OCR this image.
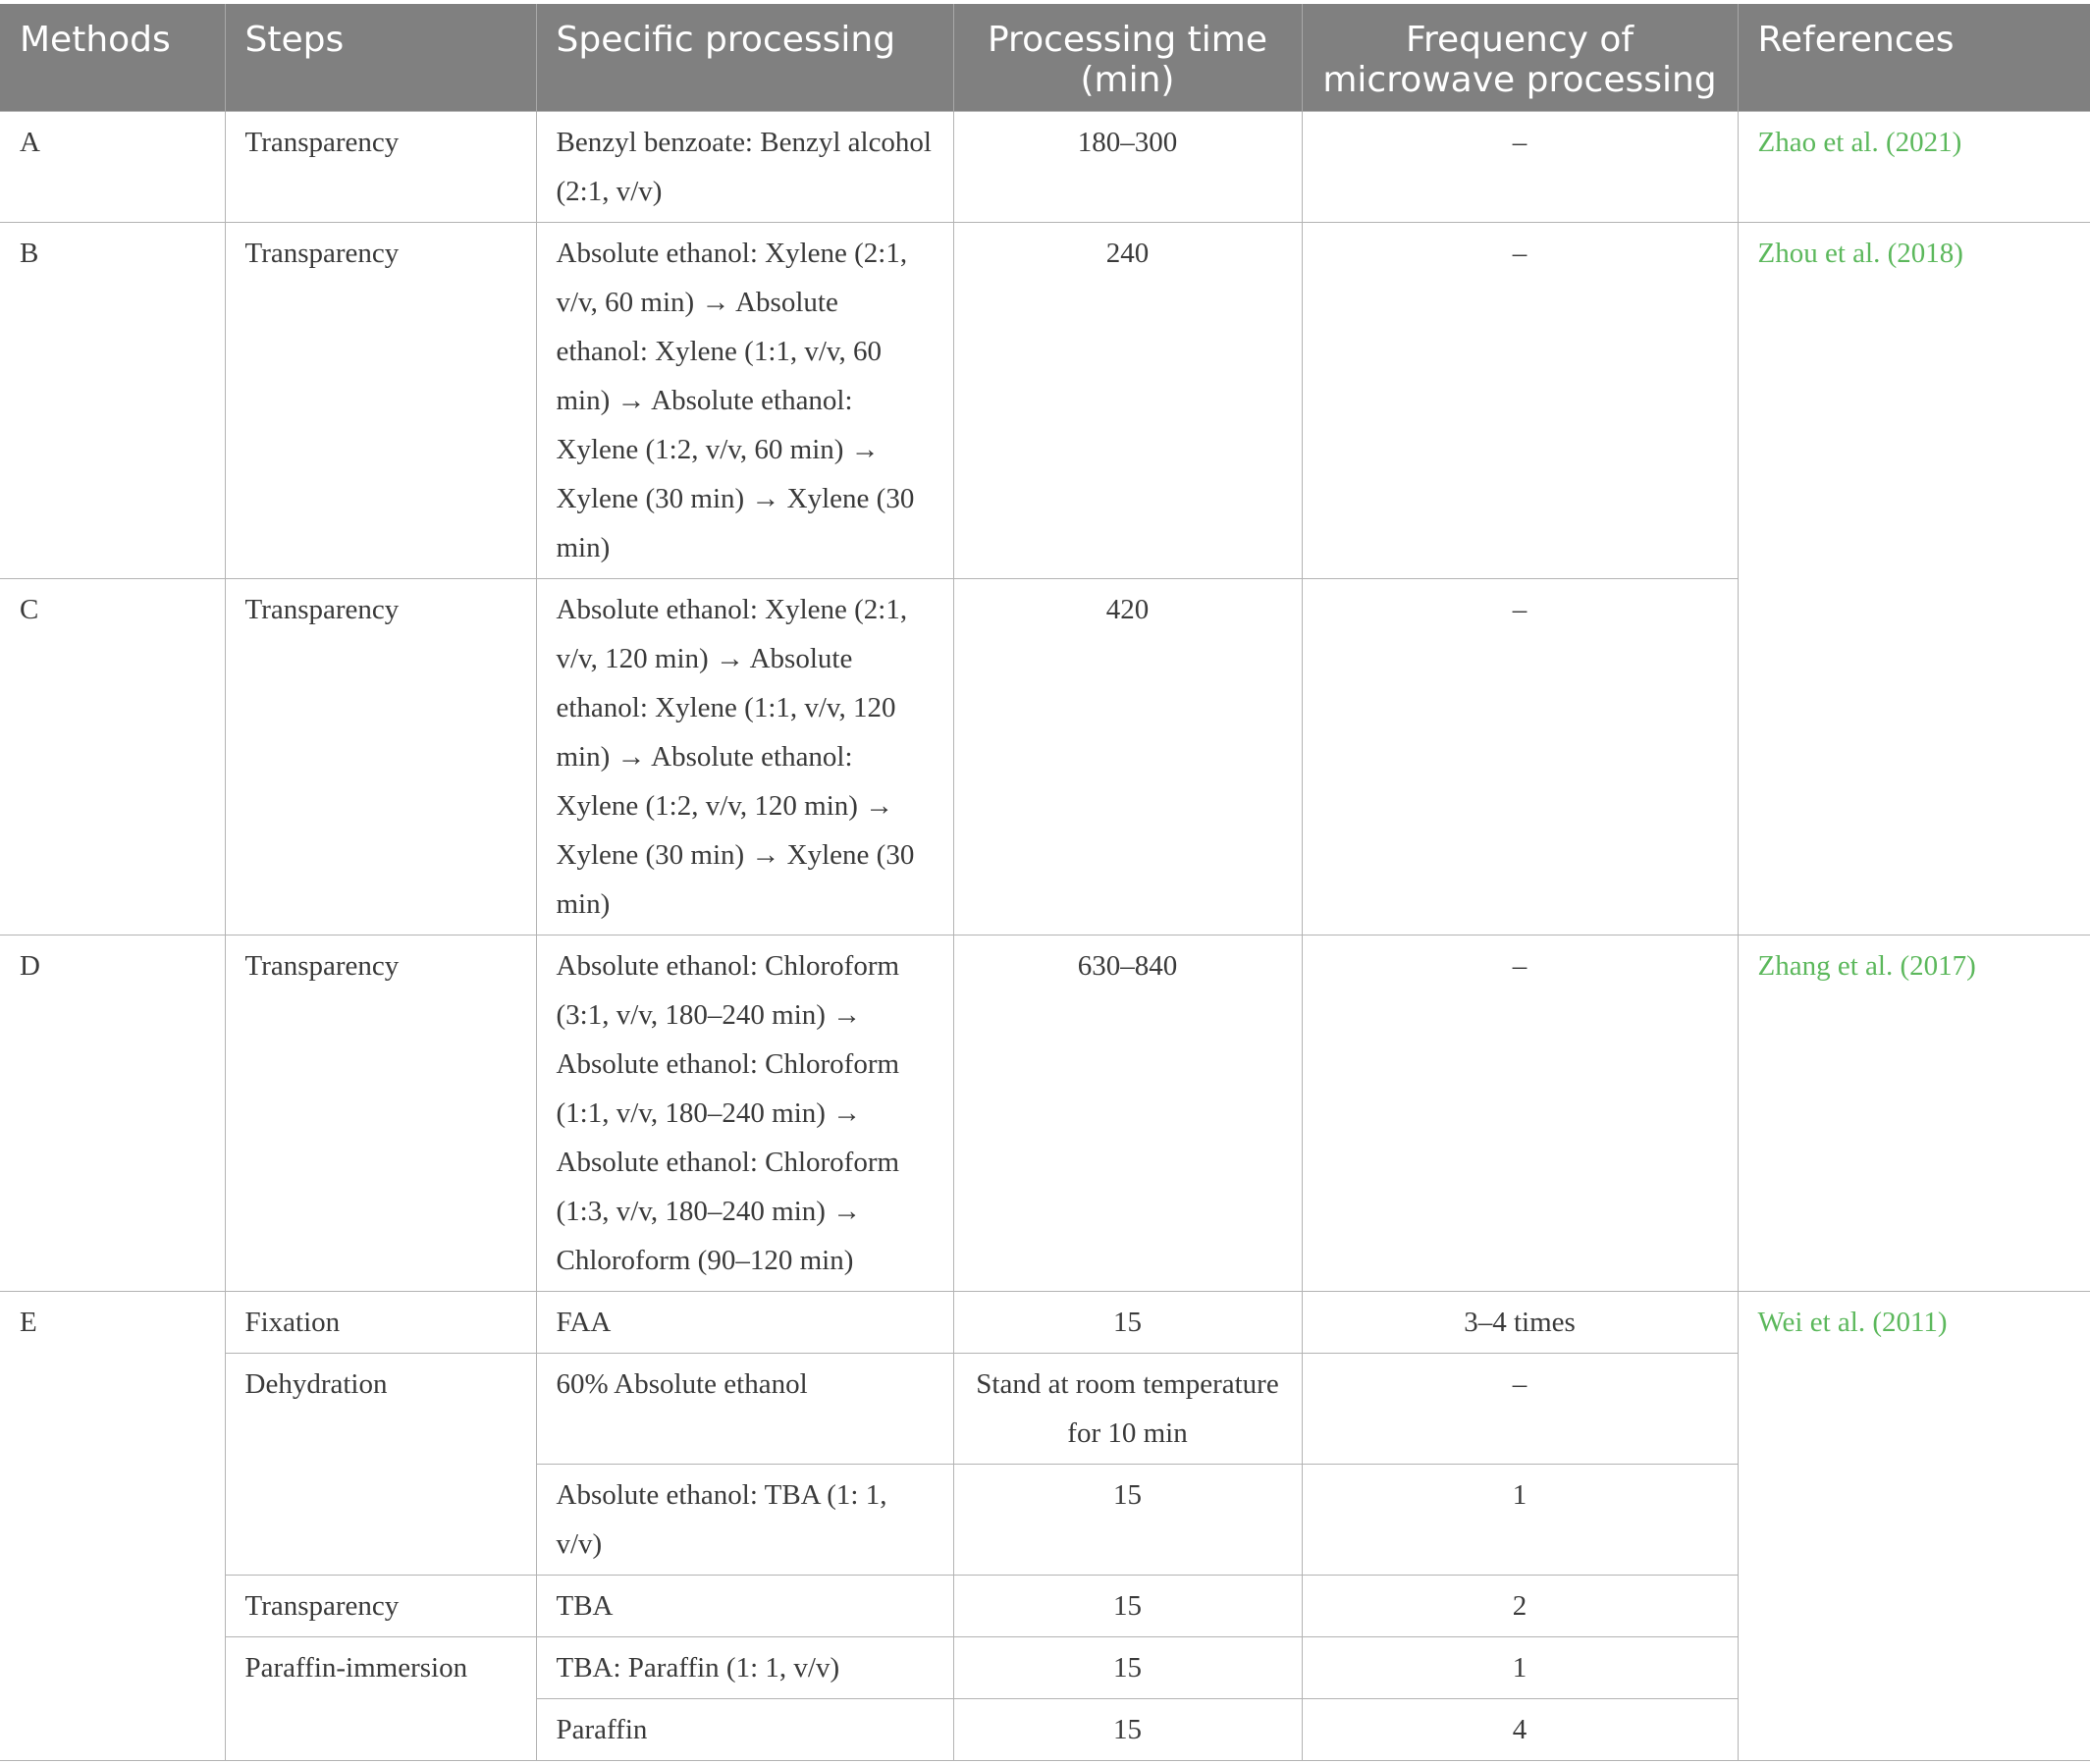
Methods	Steps	Specific processing	Processing time (min)	Frequency of microwave processing	References
A	Transparency	Benzyl benzoate: Benzyl alcohol (2:1, v/v)	180–300	–	Zhao et al. (2021)
B	Transparency	Absolute ethanol: Xylene (2:1, v/v, 60 min) → Absolute ethanol: Xylene (1:1, v/v, 60 min) → Absolute ethanol: Xylene (1:2, v/v, 60 min) → Xylene (30 min) → Xylene (30 min)	240	–	Zhou et al. (2018)
C	Transparency	Absolute ethanol: Xylene (2:1, v/v, 120 min) → Absolute ethanol: Xylene (1:1, v/v, 120 min) → Absolute ethanol: Xylene (1:2, v/v, 120 min) → Xylene (30 min) → Xylene (30 min)	420	–	
D	Transparency	Absolute ethanol: Chloroform (3:1, v/v, 180–240 min) → Absolute ethanol: Chloroform (1:1, v/v, 180–240 min) → Absolute ethanol: Chloroform (1:3, v/v, 180–240 min) → Chloroform (90–120 min)	630–840	–	Zhang et al. (2017)
E	Fixation	FAA	15	3–4 times	Wei et al. (2011)
	Dehydration	60% Absolute ethanol	Stand at room temperature for 10 min	–	
		Absolute ethanol: TBA (1: 1, v/v)	15	1	
	Transparency	TBA	15	2	
	Paraffin-immersion	TBA: Paraffin (1: 1, v/v)	15	1	
		Paraffin	15	4	
